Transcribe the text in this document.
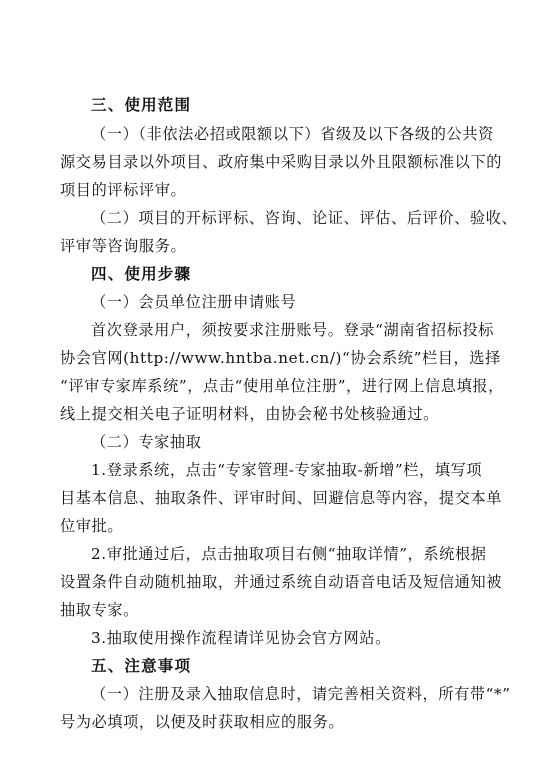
三、使用范围
（一）（非依法必招或限额以下）省级及以下各级的公共资
源交易目录以外项目、政府集中采购目录以外且限额标准以下的
项目的评标评审。
（二）项目的开标评标、咨询、论证、评估、后评价、验收、
评审等咨询服务。
四、使用步骤
（一）会员单位注册申请账号
首次登录用户，须按要求注册账号。登录“湖南省招标投标
协会官网(http://www.hntba.net.cn/)“协会系统”栏目，选择
“评审专家库系统”，点击“使用单位注册”，进行网上信息填报，
线上提交相关电子证明材料，由协会秘书处核验通过。
（二）专家抽取
1.登录系统，点击“专家管理-专家抽取-新增”栏，填写项
目基本信息、抽取条件、评审时间、回避信息等内容，提交本单
位审批。
2.审批通过后，点击抽取项目右侧“抽取详情”，系统根据
设置条件自动随机抽取，并通过系统自动语音电话及短信通知被
抽取专家。
3.抽取使用操作流程请详见协会官方网站。
五、注意事项
（一）注册及录入抽取信息时，请完善相关资料，所有带“*”
号为必填项，以便及时获取相应的服务。
